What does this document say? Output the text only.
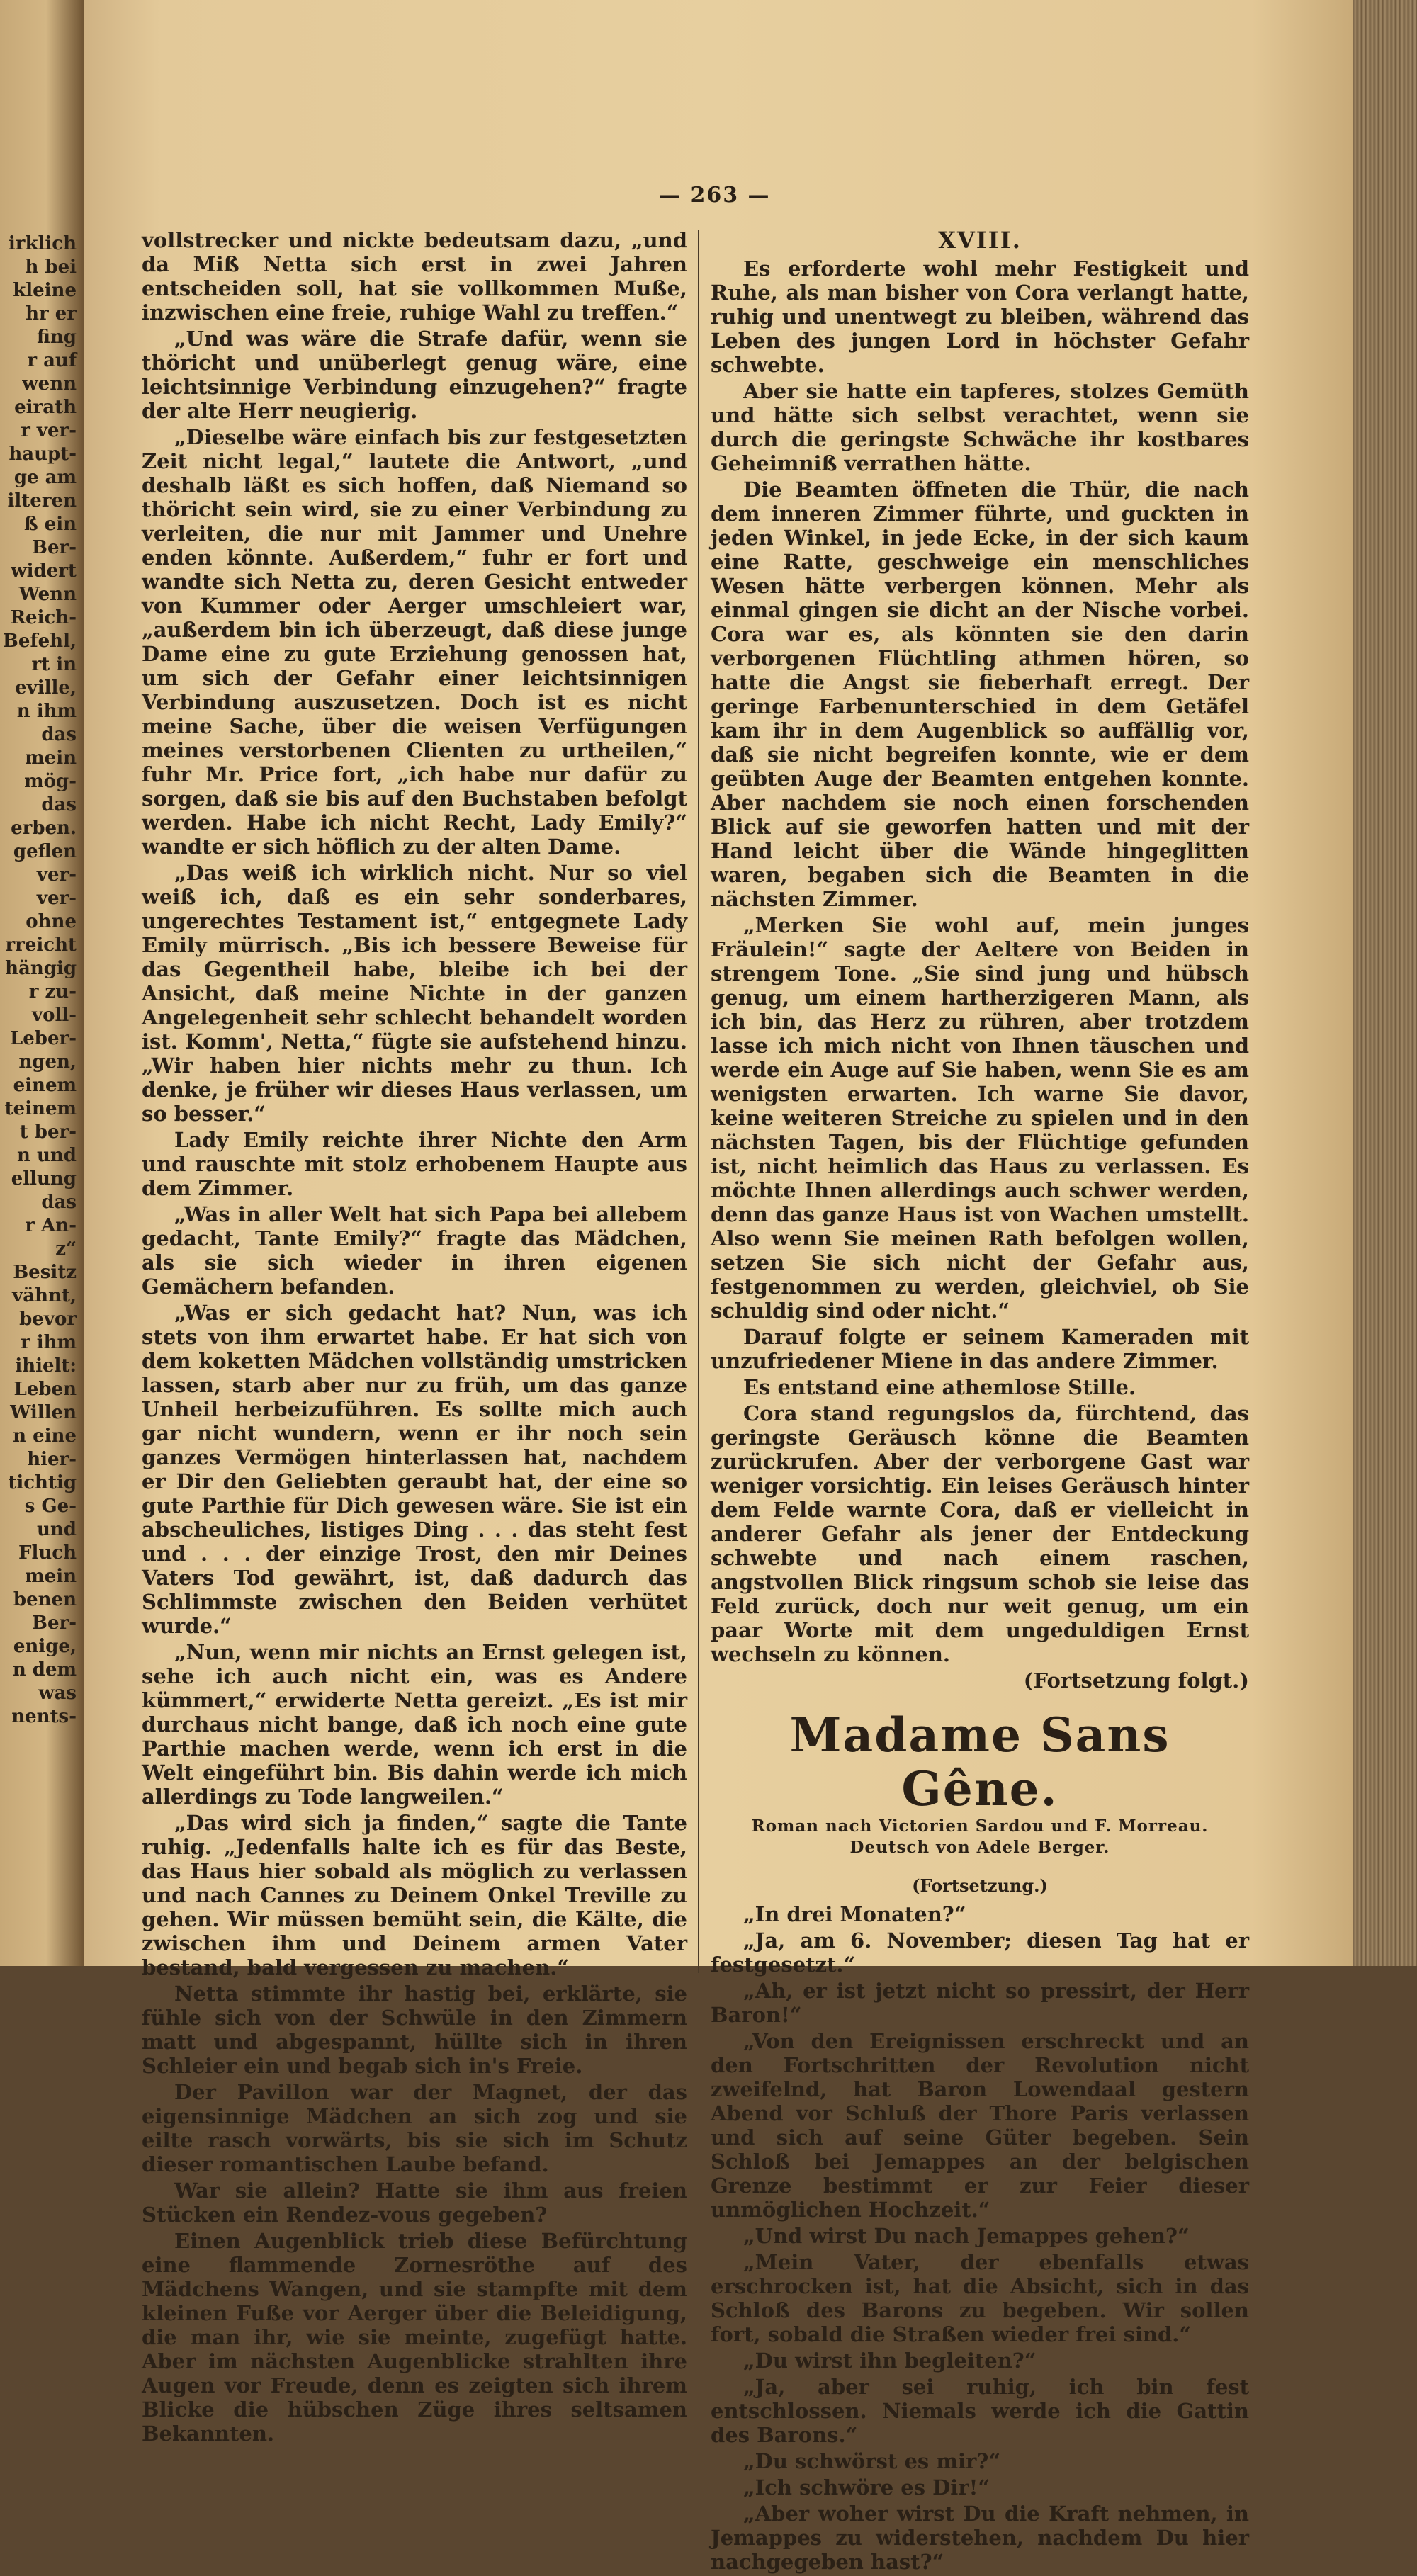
irklich
h bei
kleine
hr er
fing
r auf
wenn
eirath
r ver-
haupt-
ge am
ilteren
ß ein
Ber-
widert
Wenn
Reich-
Befehl,
rt in
eville,
n ihm
das
mein
mög-
das
erben.
geflen
ver-
ver-
ohne
rreicht
hängig
r zu-
voll-
Leber-
ngen,
einem
teinem
t ber-
n und
ellung
das
r An-
z“
Besitz
vähnt,
bevor
r ihm
ihielt:
Leben
Willen
n eine
hier-
tichtig
s Ge-
und
Fluch
mein
benen
Ber-
enige,
n dem
was
nents-
— 263 —

vollstrecker und nickte bedeutsam dazu, „und da Miß Netta sich erst in zwei Jahren entscheiden soll, hat sie vollkommen Muße, inzwischen eine freie, ruhige Wahl zu treffen.“

„Und was wäre die Strafe dafür, wenn sie thöricht und unüberlegt genug wäre, eine leichtsinnige Verbindung einzugehen?“ fragte der alte Herr neugierig.

„Dieselbe wäre einfach bis zur festgesetzten Zeit nicht legal,“ lautete die Antwort, „und deshalb läßt es sich hoffen, daß Niemand so thöricht sein wird, sie zu einer Verbindung zu verleiten, die nur mit Jammer und Unehre enden könnte. Außerdem,“ fuhr er fort und wandte sich Netta zu, deren Gesicht entweder von Kummer oder Aerger umschleiert war, „außerdem bin ich überzeugt, daß diese junge Dame eine zu gute Erziehung genossen hat, um sich der Gefahr einer leichtsinnigen Verbindung auszusetzen. Doch ist es nicht meine Sache, über die weisen Verfügungen meines verstorbenen Clienten zu urtheilen,“ fuhr Mr. Price fort, „ich habe nur dafür zu sorgen, daß sie bis auf den Buchstaben befolgt werden. Habe ich nicht Recht, Lady Emily?“ wandte er sich höflich zu der alten Dame.

„Das weiß ich wirklich nicht. Nur so viel weiß ich, daß es ein sehr sonderbares, ungerechtes Testament ist,“ entgegnete Lady Emily mürrisch. „Bis ich bessere Beweise für das Gegentheil habe, bleibe ich bei der Ansicht, daß meine Nichte in der ganzen Angelegenheit sehr schlecht behandelt worden ist. Komm', Netta,“ fügte sie aufstehend hinzu. „Wir haben hier nichts mehr zu thun. Ich denke, je früher wir dieses Haus verlassen, um so besser.“

Lady Emily reichte ihrer Nichte den Arm und rauschte mit stolz erhobenem Haupte aus dem Zimmer.

„Was in aller Welt hat sich Papa bei allebem gedacht, Tante Emily?“ fragte das Mädchen, als sie sich wieder in ihren eigenen Gemächern befanden.

„Was er sich gedacht hat? Nun, was ich stets von ihm erwartet habe. Er hat sich von dem koketten Mädchen vollständig umstricken lassen, starb aber nur zu früh, um das ganze Unheil herbeizuführen. Es sollte mich auch gar nicht wundern, wenn er ihr noch sein ganzes Vermögen hinterlassen hat, nachdem er Dir den Geliebten geraubt hat, der eine so gute Parthie für Dich gewesen wäre. Sie ist ein abscheuliches, listiges Ding . . . das steht fest und . . . der einzige Trost, den mir Deines Vaters Tod gewährt, ist, daß dadurch das Schlimmste zwischen den Beiden verhütet wurde.“

„Nun, wenn mir nichts an Ernst gelegen ist, sehe ich auch nicht ein, was es Andere kümmert,“ erwiderte Netta gereizt. „Es ist mir durchaus nicht bange, daß ich noch eine gute Parthie machen werde, wenn ich erst in die Welt eingeführt bin. Bis dahin werde ich mich allerdings zu Tode langweilen.“

„Das wird sich ja finden,“ sagte die Tante ruhig. „Jedenfalls halte ich es für das Beste, das Haus hier sobald als möglich zu verlassen und nach Cannes zu Deinem Onkel Treville zu gehen. Wir müssen bemüht sein, die Kälte, die zwischen ihm und Deinem armen Vater bestand, bald vergessen zu machen.“

Netta stimmte ihr hastig bei, erklärte, sie fühle sich von der Schwüle in den Zimmern matt und abgespannt, hüllte sich in ihren Schleier ein und begab sich in's Freie.

Der Pavillon war der Magnet, der das eigensinnige Mädchen an sich zog und sie eilte rasch vorwärts, bis sie sich im Schutz dieser romantischen Laube befand.

War sie allein? Hatte sie ihm aus freien Stücken ein Rendez-vous gegeben?

Einen Augenblick trieb diese Befürchtung eine flammende Zornesröthe auf des Mädchens Wangen, und sie stampfte mit dem kleinen Fuße vor Aerger über die Beleidigung, die man ihr, wie sie meinte, zugefügt hatte. Aber im nächsten Augenblicke strahlten ihre Augen vor Freude, denn es zeigten sich ihrem Blicke die hübschen Züge ihres seltsamen Bekannten.

XVIII.

Es erforderte wohl mehr Festigkeit und Ruhe, als man bisher von Cora verlangt hatte, ruhig und unentwegt zu bleiben, während das Leben des jungen Lord in höchster Gefahr schwebte.

Aber sie hatte ein tapferes, stolzes Gemüth und hätte sich selbst verachtet, wenn sie durch die geringste Schwäche ihr kostbares Geheimniß verrathen hätte.

Die Beamten öffneten die Thür, die nach dem inneren Zimmer führte, und guckten in jeden Winkel, in jede Ecke, in der sich kaum eine Ratte, geschweige ein menschliches Wesen hätte verbergen können. Mehr als einmal gingen sie dicht an der Nische vorbei. Cora war es, als könnten sie den darin verborgenen Flüchtling athmen hören, so hatte die Angst sie fieberhaft erregt. Der geringe Farbenunterschied in dem Getäfel kam ihr in dem Augenblick so auffällig vor, daß sie nicht begreifen konnte, wie er dem geübten Auge der Beamten entgehen konnte. Aber nachdem sie noch einen forschenden Blick auf sie geworfen hatten und mit der Hand leicht über die Wände hingeglitten waren, begaben sich die Beamten in die nächsten Zimmer.

„Merken Sie wohl auf, mein junges Fräulein!“ sagte der Aeltere von Beiden in strengem Tone. „Sie sind jung und hübsch genug, um einem hartherzigeren Mann, als ich bin, das Herz zu rühren, aber trotzdem lasse ich mich nicht von Ihnen täuschen und werde ein Auge auf Sie haben, wenn Sie es am wenigsten erwarten. Ich warne Sie davor, keine weiteren Streiche zu spielen und in den nächsten Tagen, bis der Flüchtige gefunden ist, nicht heimlich das Haus zu verlassen. Es möchte Ihnen allerdings auch schwer werden, denn das ganze Haus ist von Wachen umstellt. Also wenn Sie meinen Rath befolgen wollen, setzen Sie sich nicht der Gefahr aus, festgenommen zu werden, gleichviel, ob Sie schuldig sind oder nicht.“

Darauf folgte er seinem Kameraden mit unzufriedener Miene in das andere Zimmer.

Es entstand eine athemlose Stille.

Cora stand regungslos da, fürchtend, das geringste Geräusch könne die Beamten zurückrufen. Aber der verborgene Gast war weniger vorsichtig. Ein leises Geräusch hinter dem Felde warnte Cora, daß er vielleicht in anderer Gefahr als jener der Entdeckung schwebte und nach einem raschen, angstvollen Blick ringsum schob sie leise das Feld zurück, doch nur weit genug, um ein paar Worte mit dem ungeduldigen Ernst wechseln zu können.

(Fortsetzung folgt.)

Madame Sans Gêne.
Roman nach Victorien Sardou und F. Morreau.
Deutsch von Adele Berger.
(Fortsetzung.)

„In drei Monaten?“

„Ja, am 6. November; diesen Tag hat er festgesetzt.“

„Ah, er ist jetzt nicht so pressirt, der Herr Baron!“

„Von den Ereignissen erschreckt und an den Fortschritten der Revolution nicht zweifelnd, hat Baron Lowendaal gestern Abend vor Schluß der Thore Paris verlassen und sich auf seine Güter begeben. Sein Schloß bei Jemappes an der belgischen Grenze bestimmt er zur Feier dieser unmöglichen Hochzeit.“

„Und wirst Du nach Jemappes gehen?“

„Mein Vater, der ebenfalls etwas erschrocken ist, hat die Absicht, sich in das Schloß des Barons zu begeben. Wir sollen fort, sobald die Straßen wieder frei sind.“

„Du wirst ihn begleiten?“

„Ja, aber sei ruhig, ich bin fest entschlossen. Niemals werde ich die Gattin des Barons.“

„Du schwörst es mir?“

„Ich schwöre es Dir!“

„Aber woher wirst Du die Kraft nehmen, in Jemappes zu widerstehen, nachdem Du hier nachgegeben hast?“
